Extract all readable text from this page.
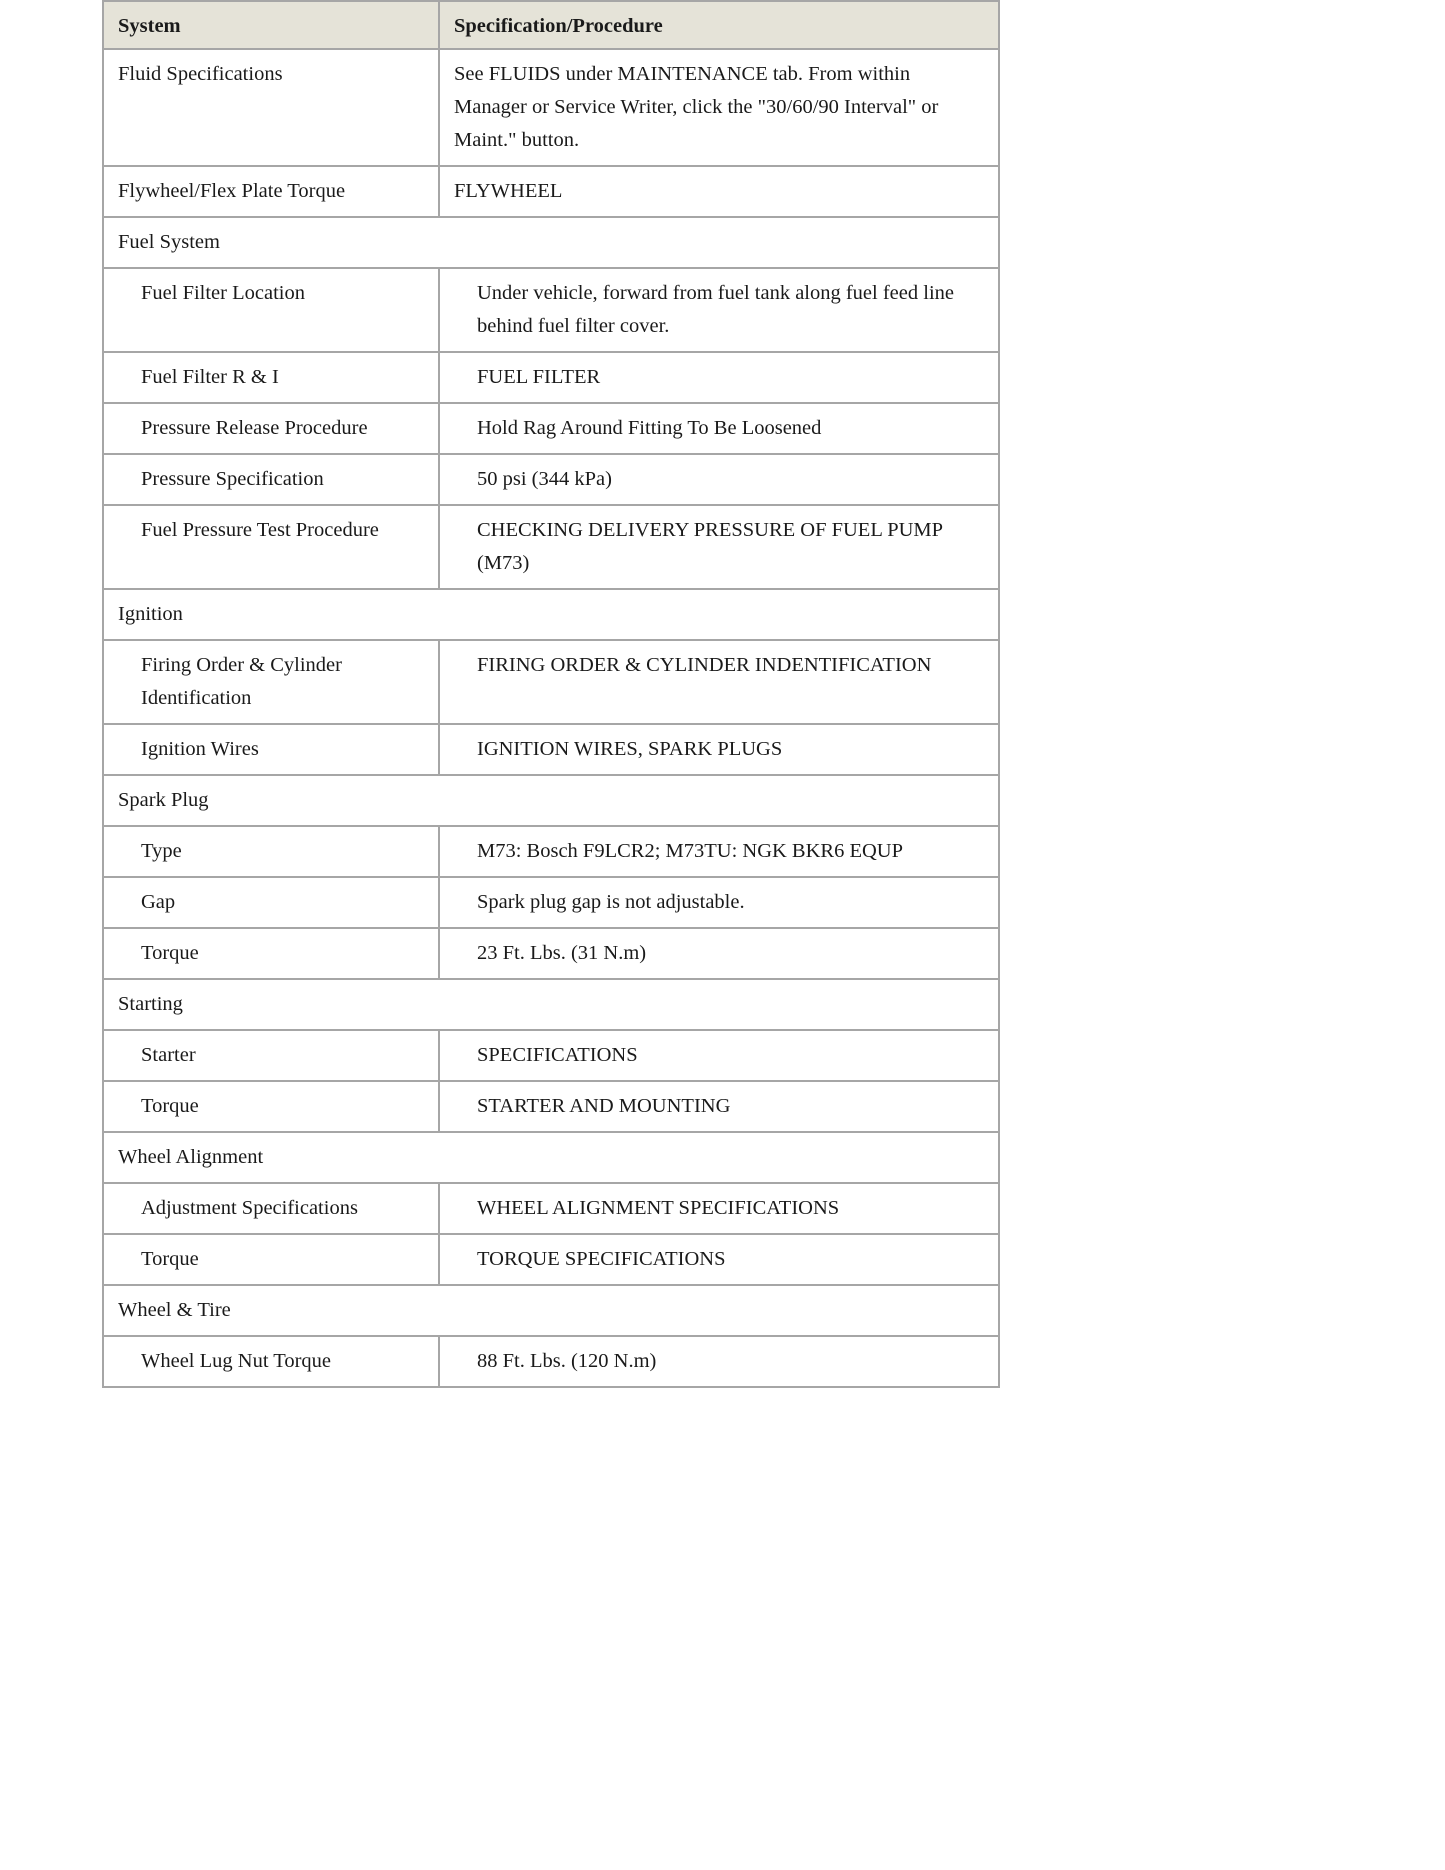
System	Specification/Procedure
Fluid Specifications	See FLUIDS under MAINTENANCE tab. From within Manager or Service Writer, click the "30/60/90 Interval" or Maint." button.
Flywheel/Flex Plate Torque	FLYWHEEL
Fuel System	
Fuel Filter Location	Under vehicle, forward from fuel tank along fuel feed line behind fuel filter cover.
Fuel Filter R & I	FUEL FILTER
Pressure Release Procedure	Hold Rag Around Fitting To Be Loosened
Pressure Specification	50 psi (344 kPa)
Fuel Pressure Test Procedure	CHECKING DELIVERY PRESSURE OF FUEL PUMP (M73)
Ignition	
Firing Order & Cylinder Identification	FIRING ORDER & CYLINDER INDENTIFICATION
Ignition Wires	IGNITION WIRES, SPARK PLUGS
Spark Plug	
Type	M73: Bosch F9LCR2; M73TU: NGK BKR6 EQUP
Gap	Spark plug gap is not adjustable.
Torque	23 Ft. Lbs. (31 N.m)
Starting	
Starter	SPECIFICATIONS
Torque	STARTER AND MOUNTING
Wheel Alignment	
Adjustment Specifications	WHEEL ALIGNMENT SPECIFICATIONS
Torque	TORQUE SPECIFICATIONS
Wheel & Tire	
Wheel Lug Nut Torque	88 Ft. Lbs. (120 N.m)
